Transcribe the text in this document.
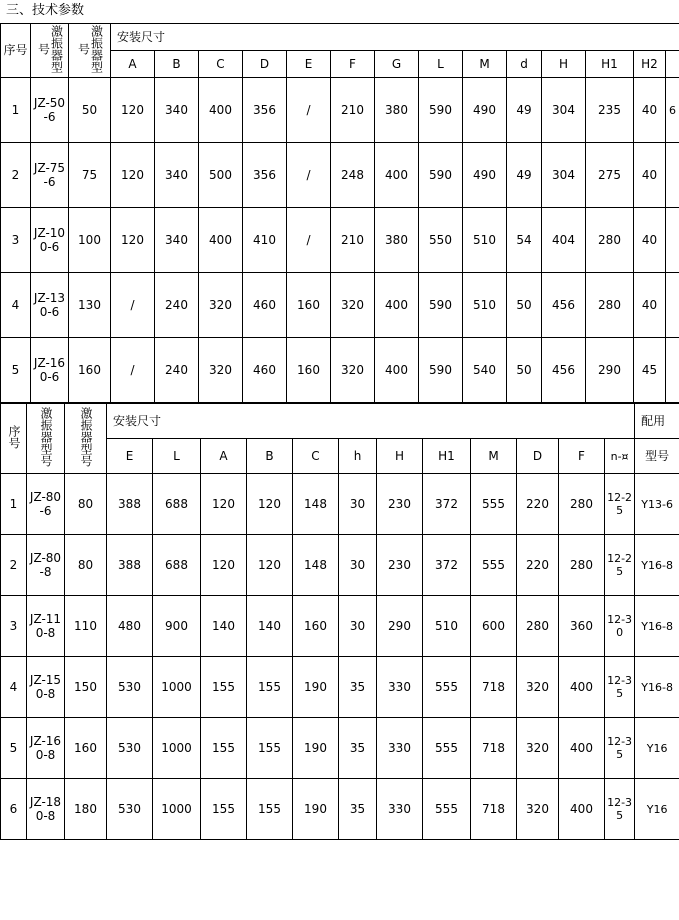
三、技术参数
序号	激振器型号	激振器型号	安装尺寸													
			A	B	C	D	E	F	G	L	M	d	H	H1	H2	
1	JZ-50-6	50	120	340	400	356	/	210	380	590	490	49	304	235	40	6
2	JZ-75-6	75	120	340	500	356	/	248	400	590	490	49	304	275	40	
3	JZ-100-6	100	120	340	400	410	/	210	380	550	510	54	404	280	40	
4	JZ-130-6	130	/	240	320	460	160	320	400	590	510	50	456	280	40	
5	JZ-160-6	160	/	240	320	460	160	320	400	590	540	50	456	290	45	
序号	激振器型号	激振器型号	安装尺寸												配用
			E	L	A	B	C	h	H	H1	M	D	F	n-¤	型号
1	JZ-80-6	80	388	688	120	120	148	30	230	372	555	220	280	12-25	Y13-6
2	JZ-80-8	80	388	688	120	120	148	30	230	372	555	220	280	12-25	Y16-8
3	JZ-110-8	110	480	900	140	140	160	30	290	510	600	280	360	12-30	Y16-8
4	JZ-150-8	150	530	1000	155	155	190	35	330	555	718	320	400	12-35	Y16-8
5	JZ-160-8	160	530	1000	155	155	190	35	330	555	718	320	400	12-35	Y16
6	JZ-180-8	180	530	1000	155	155	190	35	330	555	718	320	400	12-35	Y16
